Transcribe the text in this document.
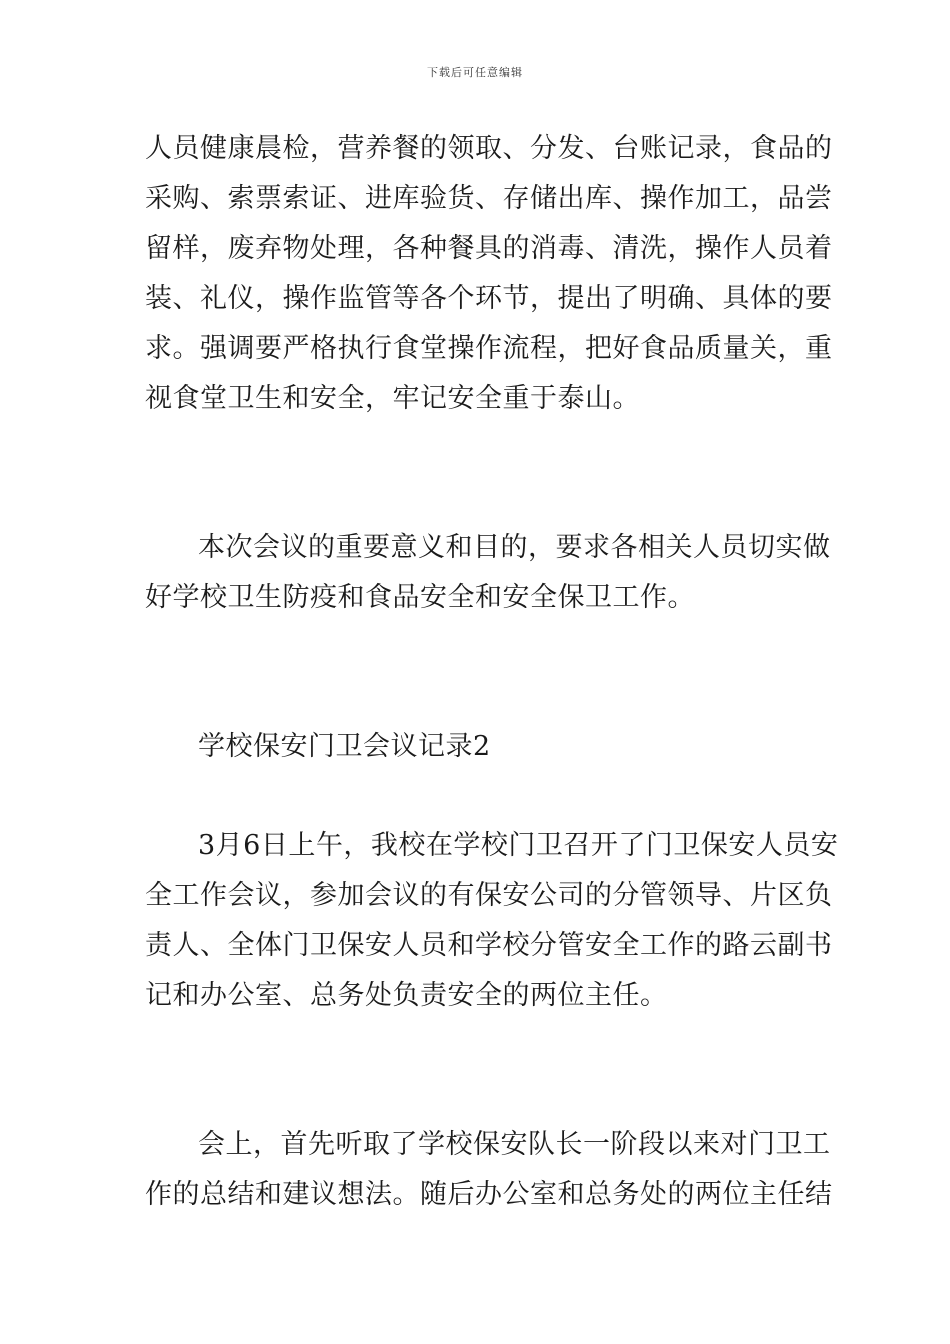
下载后可任意编辑
人员健康晨检，营养餐的领取、分发、台账记录，食品的
采购、索票索证、进库验货、存储出库、操作加工，品尝
留样，废弃物处理，各种餐具的消毒、清洗，操作人员着
装、礼仪，操作监管等各个环节，提出了明确、具体的要
求。强调要严格执行食堂操作流程，把好食品质量关，重
视食堂卫生和安全，牢记安全重于泰山。
本次会议的重要意义和目的，要求各相关人员切实做
好学校卫生防疫和食品安全和安全保卫工作。
学校保安门卫会议记录2
3月6日上午，我校在学校门卫召开了门卫保安人员安
全工作会议，参加会议的有保安公司的分管领导、片区负
责人、全体门卫保安人员和学校分管安全工作的路云副书
记和办公室、总务处负责安全的两位主任。
会上，首先听取了学校保安队长一阶段以来对门卫工
作的总结和建议想法。随后办公室和总务处的两位主任结
